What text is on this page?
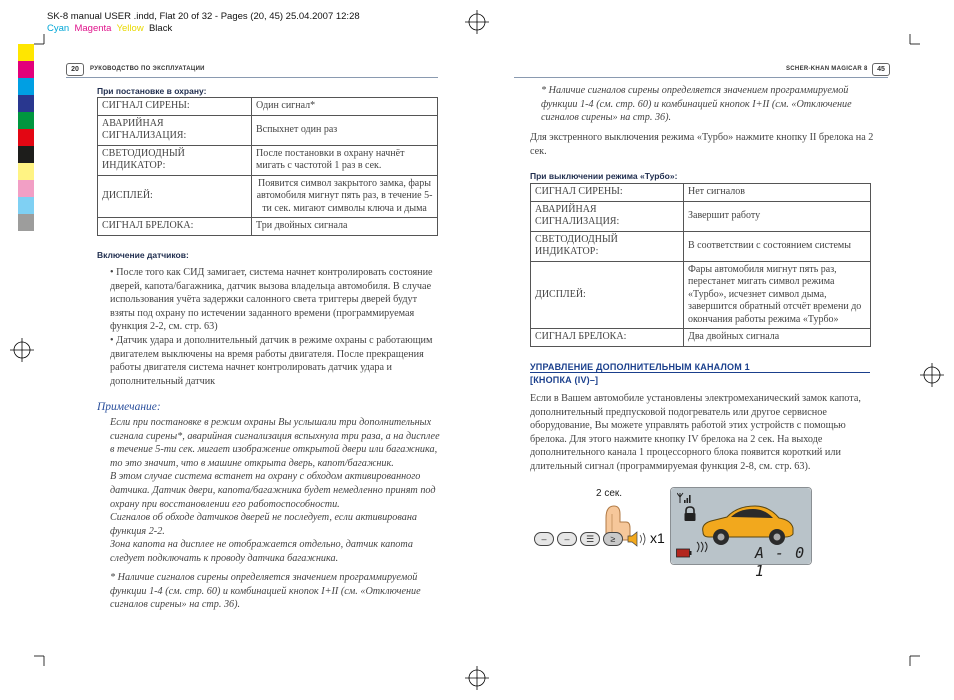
SK-8 manual USER .indd, Flat 20 of 32 - Pages (20, 45) 25.04.2007 12:28
Cyan Magenta Yellow Black
20	РУКОВОДСТВО ПО ЭКСПЛУАТАЦИИ
При постановке в охрану:
СИГНАЛ СИРЕНЫ:	Один сигнал*
АВАРИЙНАЯ СИГНАЛИЗАЦИЯ:	Вспыхнет один раз
СВЕТОДИОДНЫЙ ИНДИКАТОР:	После постановки в охрану начнёт мигать с частотой 1 раз в сек.
ДИСПЛЕЙ:	Появится символ закрытого замка, фары автомобиля мигнут пять раз, в течение 5-ти сек. мигают символы ключа и дыма
СИГНАЛ БРЕЛОКА:	Три двойных сигнала
Включение датчиков:
• После того как СИД замигает, система начнет контролировать состояние дверей, капота/багажника, датчик вызова владельца автомобиля. В случае использования учёта задержки салонного света триггеры дверей будут взяты под охрану по истечении заданного времени (программируемая функция 2-2, см. стр. 63)
• Датчик удара и дополнительный датчик в режиме охраны с работающим двигателем выключены на время работы двигателя. После прекращения работы двигателя система начнет контролировать датчик удара и дополнительный датчик
Примечание:
Если при постановке в режим охраны Вы услышали три дополнительных сигнала сирены*, аварийная сигнализация вспыхнула три раза, а на дисплее в течение 5-ти сек. мигает изображение открытой двери или багажника, то это значит, что в машине открыта дверь, капот/багажник.
В этом случае система встанет на охрану с обходом активированного датчика. Датчик двери, капота/багажника будет немедленно принят под охрану при восстановлении его работоспособности.
Сигналов об обходе датчиков дверей не последует, если активирована функция 2-2.
Зона капота на дисплее не отображается отдельно, датчик капота следует подключать к проводу датчика багажника.
* Наличие сигналов сирены определяется значением программируемой функции 1-4 (см. стр. 60) и комбинацией кнопок I+II (см. «Отключение сигналов сирены» на стр. 36).
SCHER-KHAN MAGICAR 8	45
* Наличие сигналов сирены определяется значением программируемой функции 1-4 (см. стр. 60) и комбинацией кнопок I+II (см. «Отключение сигналов сирены» на стр. 36).
Для экстренного выключения режима «Турбо» нажмите кнопку II брелока на 2 сек.
При выключении режима «Турбо»:
СИГНАЛ СИРЕНЫ:	Нет сигналов
АВАРИЙНАЯ СИГНАЛИЗАЦИЯ:	Завершит работу
СВЕТОДИОДНЫЙ ИНДИКАТОР:	В соответствии с состоянием системы
ДИСПЛЕЙ:	Фары автомобиля мигнут пять раз, перестанет мигать символ режима «Турбо», исчезнет символ дыма, завершится обратный отсчёт времени до окончания работы режима «Турбо»
СИГНАЛ БРЕЛОКА:	Два двойных сигнала
УПРАВЛЕНИЕ ДОПОЛНИТЕЛЬНЫМ КАНАЛОМ 1
[КНОПКА (IV)–]
Если в Вашем автомобиле установлены электромеханический замок капота, дополнительный предпусковой подогреватель или другое сервисное оборудование, Вы можете управлять работой этих устройств с помощью брелока. Для этого нажмите кнопку IV брелока на 2 сек. На выходе дополнительного канала 1 процессорного блока появится короткий или длительный сигнал (программируемая функция 2-8, см. стр. 63).
2 сек.
–	–	☰	≥	x1
A - 0 1
